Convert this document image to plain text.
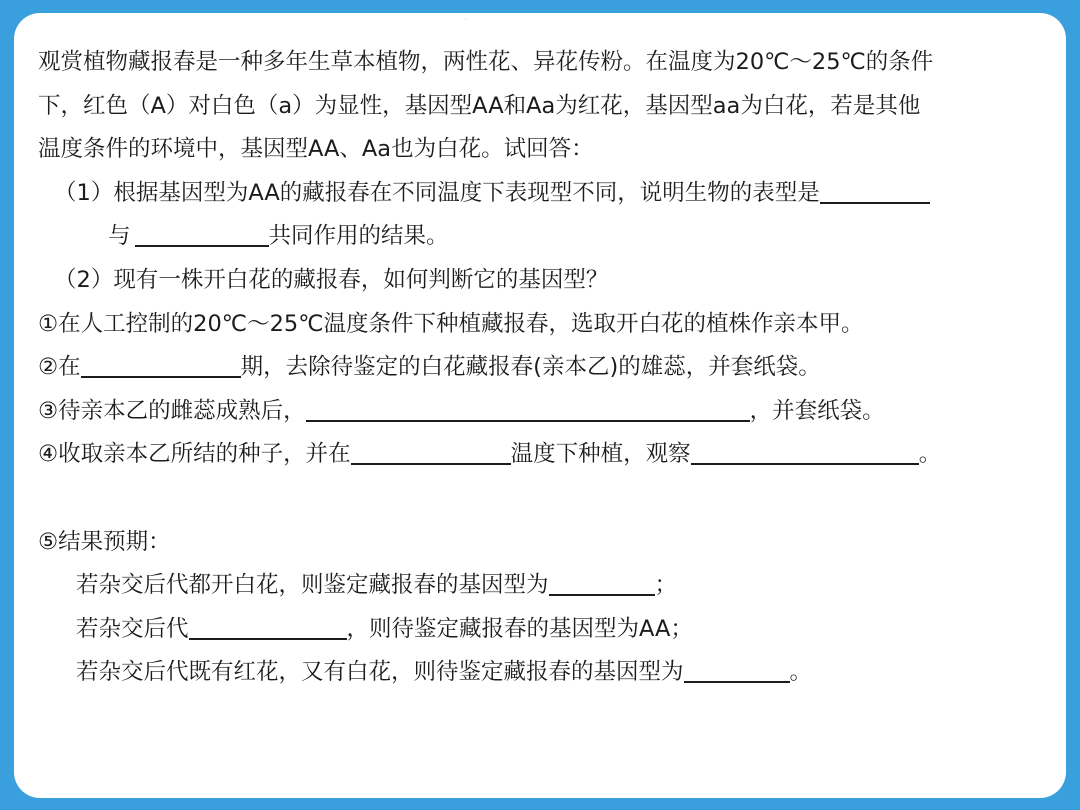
·
观赏植物藏报春是一种多年生草本植物，两性花、异花传粉。在温度为20℃～25℃的条件
下，红色（A）对白色（a）为显性，基因型AA和Aa为红花，基因型aa为白花，若是其他
温度条件的环境中，基因型AA、Aa也为白花。试回答：
（1）根据基因型为AA的藏报春在不同温度下表现型不同，说明生物的表型是
与	共同作用的结果。
（2）现有一株开白花的藏报春，如何判断它的基因型？
①在人工控制的20℃～25℃温度条件下种植藏报春，选取开白花的植株作亲本甲。
②在	期，去除待鉴定的白花藏报春(亲本乙)的雄蕊，并套纸袋。
③待亲本乙的雌蕊成熟后，	，并套纸袋。
④收取亲本乙所结的种子，并在	温度下种植，观察	。
⑤结果预期：
若杂交后代都开白花，则鉴定藏报春的基因型为	；
若杂交后代	，则待鉴定藏报春的基因型为AA；
若杂交后代既有红花，又有白花，则待鉴定藏报春的基因型为	。
